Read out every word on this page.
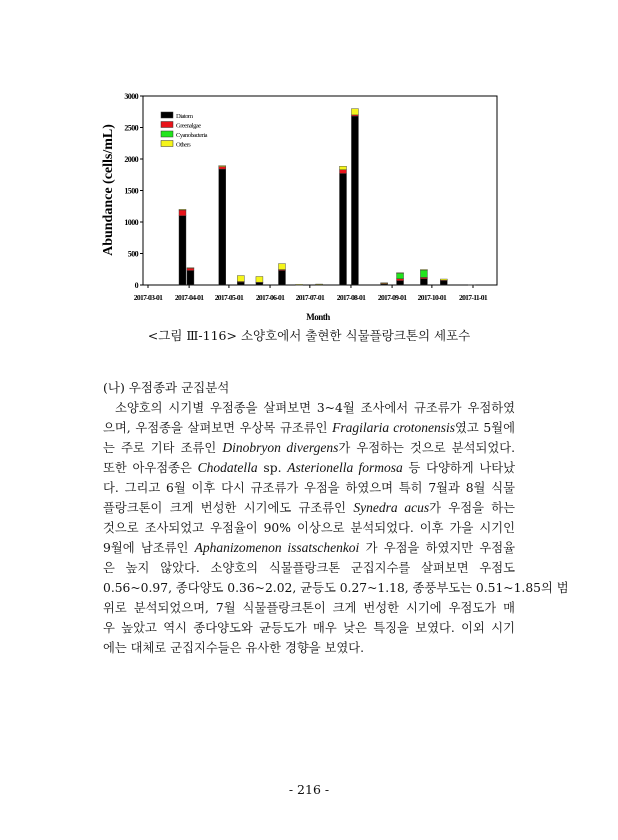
0
500
1000
1500
2000
2500
3000
2017-03-01 2017-04-01 2017-05-01 2017-06-01 2017-07-01 2017-08-01 2017-09-01 2017-10-01 2017-11-01
Abundance (cells/mL)
Month
Diatom
Greenalgae
Cyanobacteria
Others
<그림 Ⅲ-116> 소양호에서 출현한 식물플랑크톤의 세포수
(나) 우점종과 군집분석
소양호의 시기별 우점종을 살펴보면 3~4월 조사에서 규조류가 우점하였
으며, 우점종을 살펴보면 우상목 규조류인 Fragilaria crotonensis였고 5월에
는 주로 기타 조류인 Dinobryon divergens가 우점하는 것으로 분석되었다.
또한 아우점종은 Chodatella sp. Asterionella formosa 등 다양하게 나타났
다. 그리고 6월 이후 다시 규조류가 우점을 하였으며 특히 7월과 8월 식물
플랑크톤이 크게 번성한 시기에도 규조류인 Synedra acus가 우점을 하는
것으로 조사되었고 우점율이 90% 이상으로 분석되었다. 이후 가을 시기인
9월에 남조류인 Aphanizomenon issatschenkoi 가 우점을 하였지만 우점율
은 높지 않았다. 소양호의 식물플랑크톤 군집지수를 살펴보면 우점도
0.56~0.97, 종다양도 0.36~2.02, 균등도 0.27~1.18, 종풍부도는 0.51~1.85의 범
위로 분석되었으며, 7월 식물플랑크톤이 크게 번성한 시기에 우점도가 매
우 높았고 역시 종다양도와 균등도가 매우 낮은 특징을 보였다. 이외 시기
에는 대체로 군집지수들은 유사한 경향을 보였다.
- 216 -
